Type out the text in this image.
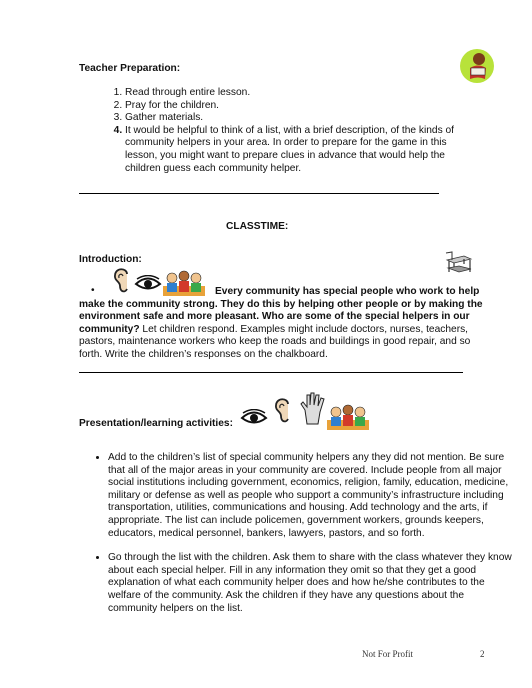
Teacher Preparation:
1. Read through entire lesson.
2. Pray for the children.
3. Gather materials.
4. It would be helpful to think of a list, with a brief description, of the kinds of community helpers in your area. In order to prepare for the game in this lesson, you might want to prepare clues in advance that would help the children guess each community helper.
CLASSTIME:
Introduction:
•	Every community has special people who work to help make the community strong. They do this by helping other people or by making the environment safe and more pleasant. Who are some of the special helpers in our community? Let children respond. Examples might include doctors, nurses, teachers, pastors, maintenance workers who keep the roads and buildings in good repair, and so forth. Write the children’s responses on the chalkboard.
Presentation/learning activities:
• Add to the children’s list of special community helpers any they did not mention. Be sure that all of the major areas in your community are covered. Include people from all major social institutions including government, economics, religion, family, education, medicine, military or defense as well as people who support a community’s infrastructure including transportation, utilities, communications and housing. Add technology and the arts, if appropriate. The list can include policemen, government workers, grounds keepers, educators, medical personnel, bankers, lawyers, pastors, and so forth.
• Go through the list with the children. Ask them to share with the class whatever they know about each special helper. Fill in any information they omit so that they get a good explanation of what each community helper does and how he/she contributes to the welfare of the community. Ask the children if they have any questions about the community helpers on the list.
Not For Profit	2
